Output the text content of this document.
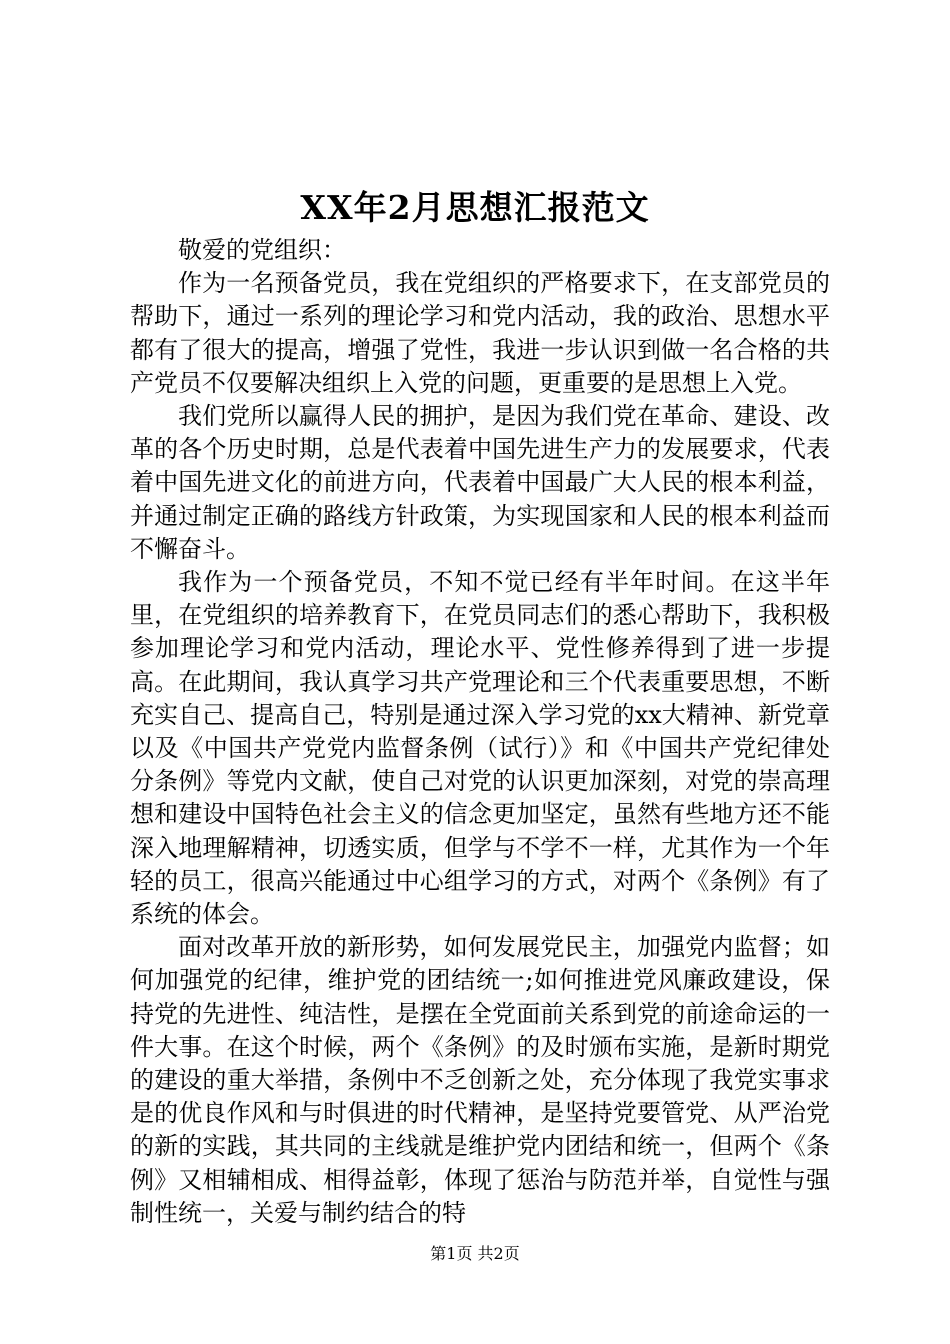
XX年2月思想汇报范文

敬爱的党组织：

作为一名预备党员，我在党组织的严格要求下，在支部党员的帮助下，通过一系列的理论学习和党内活动，我的政治、思想水平都有了很大的提高，增强了党性，我进一步认识到做一名合格的共产党员不仅要解决组织上入党的问题，更重要的是思想上入党。

我们党所以赢得人民的拥护，是因为我们党在革命、建设、改革的各个历史时期，总是代表着中国先进生产力的发展要求，代表着中国先进文化的前进方向，代表着中国最广大人民的根本利益，并通过制定正确的路线方针政策，为实现国家和人民的根本利益而不懈奋斗。

我作为一个预备党员，不知不觉已经有半年时间。在这半年里，在党组织的培养教育下，在党员同志们的悉心帮助下，我积极参加理论学习和党内活动，理论水平、党性修养得到了进一步提高。在此期间，我认真学习共产党理论和三个代表重要思想，不断充实自己、提高自己，特别是通过深入学习党的xx大精神、新党章以及《中国共产党党内监督条例（试行）》和《中国共产党纪律处分条例》等党内文献，使自己对党的认识更加深刻，对党的崇高理想和建设中国特色社会主义的信念更加坚定，虽然有些地方还不能深入地理解精神，切透实质，但学与不学不一样，尤其作为一个年轻的员工，很高兴能通过中心组学习的方式，对两个《条例》有了系统的体会。

面对改革开放的新形势，如何发展党民主，加强党内监督；如何加强党的纪律，维护党的团结统一;如何推进党风廉政建设，保持党的先进性、纯洁性，是摆在全党面前关系到党的前途命运的一件大事。在这个时候，两个《条例》的及时颁布实施，是新时期党的建设的重大举措，条例中不乏创新之处，充分体现了我党实事求是的优良作风和与时俱进的时代精神，是坚持党要管党、从严治党的新的实践，其共同的主线就是维护党内团结和统一，但两个《条例》又相辅相成、相得益彰，体现了惩治与防范并举，自觉性与强制性统一，关爱与制约结合的特

第1页 共2页
